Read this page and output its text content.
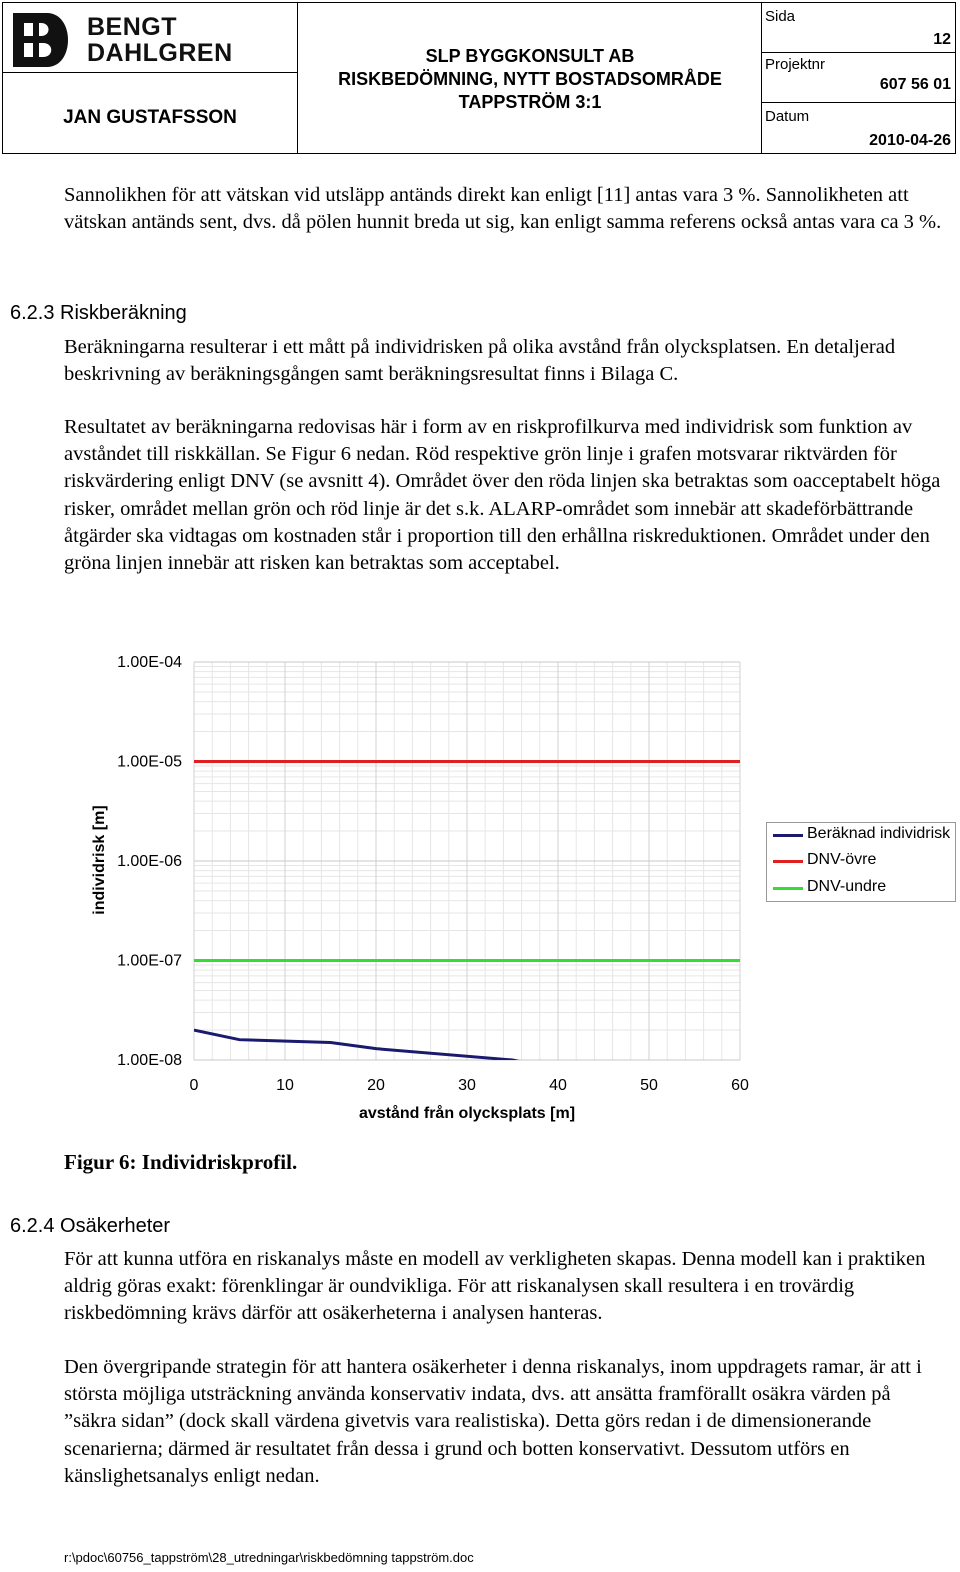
BENGT
DAHLGREN
JAN GUSTAFSSON
SLP BYGGKONSULT AB
RISKBEDÖMNING, NYTT BOSTADSOMRÅDE
TAPPSTRÖM 3:1
Sida
12
Projektnr
607 56 01
Datum
2010-04-26

Sannolikhen för att vätskan vid utsläpp antänds direkt kan enligt [11] antas vara 3 %. Sannolikheten att vätskan antänds sent, dvs. då pölen hunnit breda ut sig, kan enligt samma referens också antas vara ca 3 %.

6.2.3 Riskberäkning

Beräkningarna resulterar i ett mått på individrisken på olika avstånd från olycksplatsen. En detaljerad beskrivning av beräkningsgången samt beräkningsresultat finns i Bilaga C.

Resultatet av beräkningarna redovisas här i form av en riskprofilkurva med individrisk som funktion av avståndet till riskkällan. Se Figur 6 nedan. Röd respektive grön linje i grafen motsvarar riktvärden för riskvärdering enligt DNV (se avsnitt 4). Området över den röda linjen ska betraktas som oacceptabelt höga risker, området mellan grön och röd linje är det s.k. ALARP-området som innebär att skadeförbättrande åtgärder ska vidtagas om kostnaden står i proportion till den erhållna riskreduktionen. Området under den gröna linjen innebär att risken kan betraktas som acceptabel.

1.00E-04
1.00E-05
1.00E-06
1.00E-07
1.00E-08
0	10	20	30	40	50	60
avstånd från olycksplats [m]
individrisk [m]	Beräknad individrisk
DNV-övre
DNV-undre

Figur 6: Individriskprofil.

6.2.4 Osäkerheter

För att kunna utföra en riskanalys måste en modell av verkligheten skapas. Denna modell kan i praktiken aldrig göras exakt: förenklingar är oundvikliga. För att riskanalysen skall resultera i en trovärdig riskbedömning krävs därför att osäkerheterna i analysen hanteras.

Den övergripande strategin för att hantera osäkerheter i denna riskanalys, inom uppdragets ramar, är att i största möjliga utsträckning använda konservativ indata, dvs. att ansätta framförallt osäkra värden på ”säkra sidan” (dock skall värdena givetvis vara realistiska). Detta görs redan i de dimensionerande scenarierna; därmed är resultatet från dessa i grund och botten konservativt. Dessutom utförs en känslighetsanalys enligt nedan.

r:\pdoc\60756_tappström\28_utredningar\riskbedömning tappström.doc
